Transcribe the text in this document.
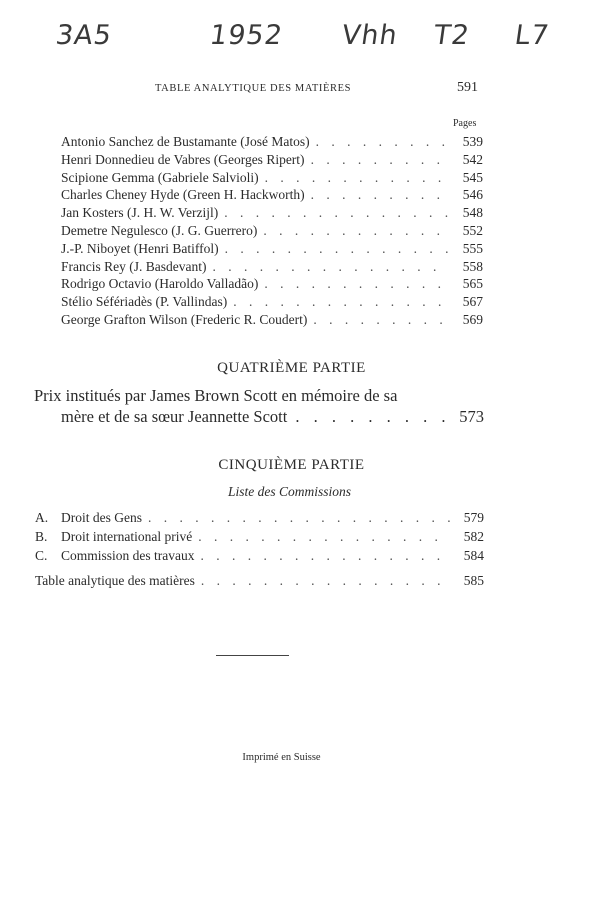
3A5	1952 Vhh T2 L7
TABLE ANALYTIQUE DES MATIÈRES	591
Pages
Antonio Sanchez de Bustamante (José Matos) . . .	539
Henri Donnedieu de Vabres (Georges Ripert) . . .	542
Scipione Gemma (Gabriele Salvioli) . . .	545
Charles Cheney Hyde (Green H. Hackworth) . . .	546
Jan Kosters (J. H. W. Verzijl) . . .	548
Demetre Negulesco (J. G. Guerrero) . . .	552
J.-P. Niboyet (Henri Batiffol) . . .	555
Francis Rey (J. Basdevant) . . .	558
Rodrigo Octavio (Haroldo Valladão) . . .	565
Stélio Séfériadès (P. Vallindas) . . .	567
George Grafton Wilson (Frederic R. Coudert) . . .	569
QUATRIÈME PARTIE
Prix institués par James Brown Scott en mémoire de sa
mère et de sa sœur Jeannette Scott . . .	573
CINQUIÈME PARTIE
Liste des Commissions
A. Droit des Gens . . .	579
B. Droit international privé . . .	582
C. Commission des travaux . . .	584
Table analytique des matières . . .	585
Imprimé en Suisse
